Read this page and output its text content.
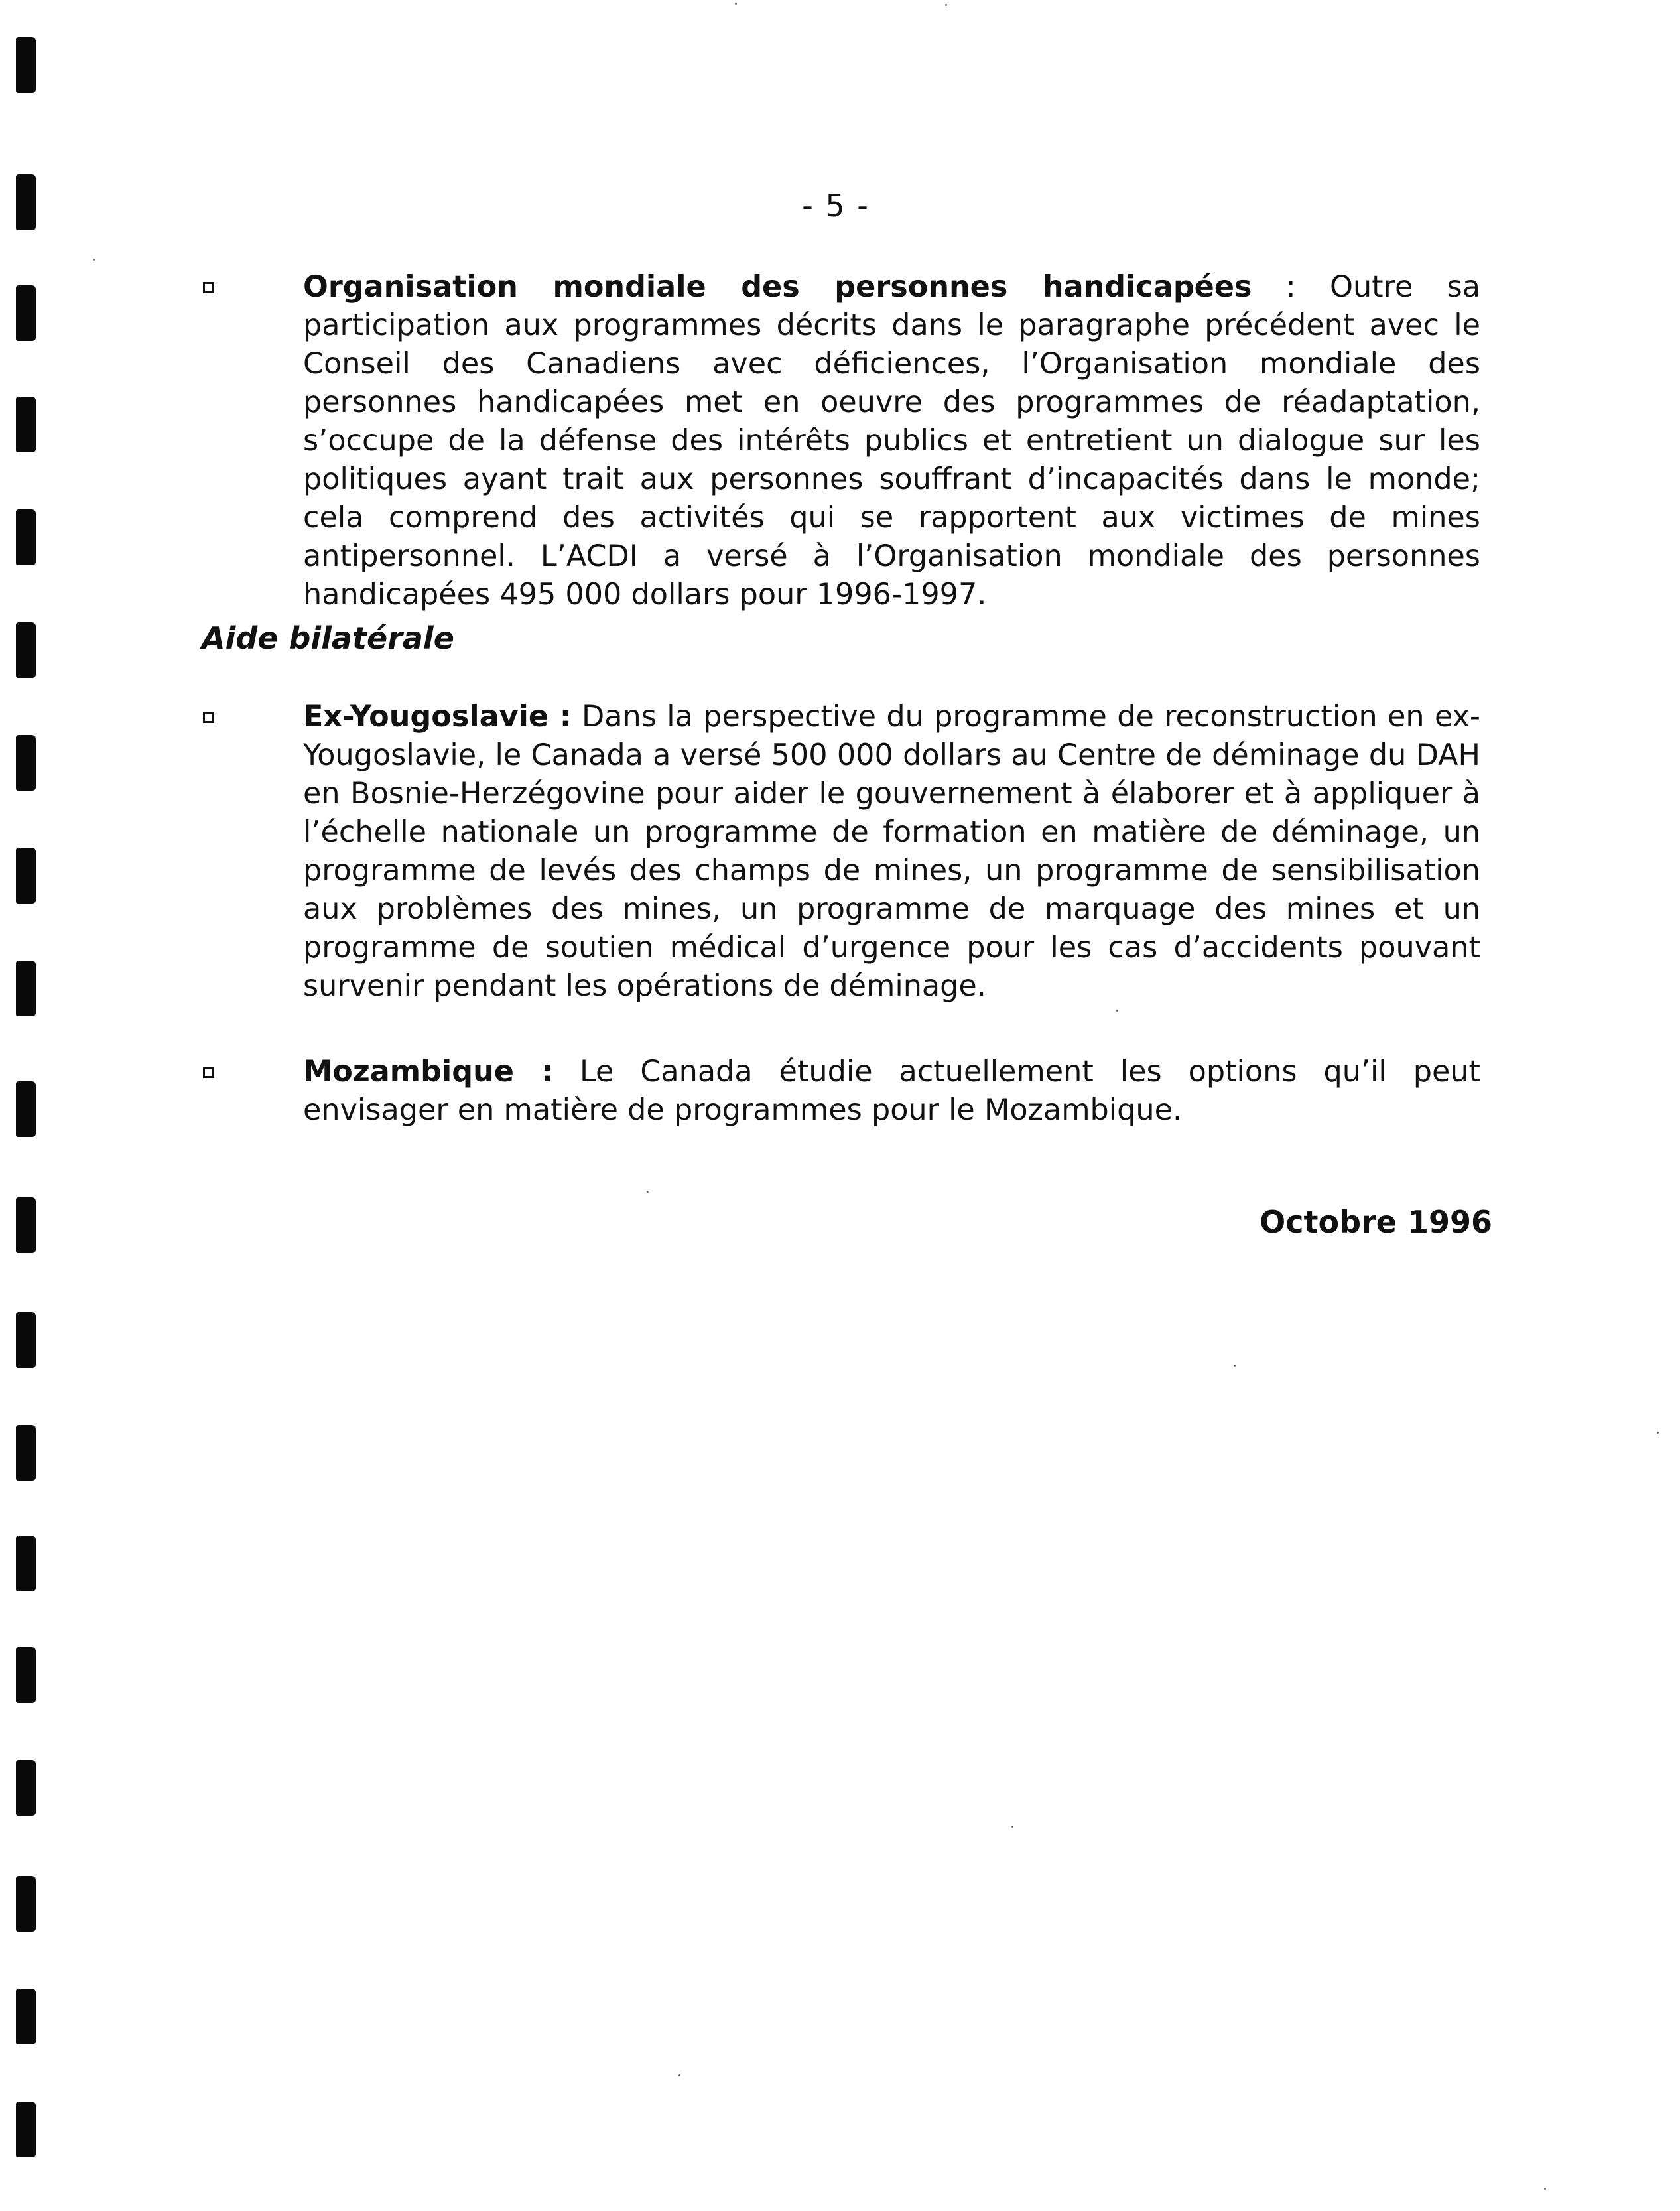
- 5 -
Organisation mondiale des personnes handicapées : Outre sa participation aux programmes décrits dans le paragraphe précédent avec le Conseil des Canadiens avec déficiences, l’Organisation mondiale des personnes handicapées met en oeuvre des programmes de réadaptation, s’occupe de la défense des intérêts publics et entretient un dialogue sur les politiques ayant trait aux personnes souffrant d’incapacités dans le monde; cela comprend des activités qui se rapportent aux victimes de mines antipersonnel. L’ACDI a versé à l’Organisation mondiale des personnes handicapées 495 000 dollars pour 1996-1997.
Aide bilatérale
Ex-Yougoslavie : Dans la perspective du programme de reconstruction en ex-Yougoslavie, le Canada a versé 500 000 dollars au Centre de déminage du DAH en Bosnie-Herzégovine pour aider le gouvernement à élaborer et à appliquer à l’échelle nationale un programme de formation en matière de déminage, un programme de levés des champs de mines, un programme de sensibilisation aux problèmes des mines, un programme de marquage des mines et un programme de soutien médical d’urgence pour les cas d’accidents pouvant survenir pendant les opérations de déminage.
Mozambique : Le Canada étudie actuellement les options qu’il peut envisager en matière de programmes pour le Mozambique.
Octobre 1996
